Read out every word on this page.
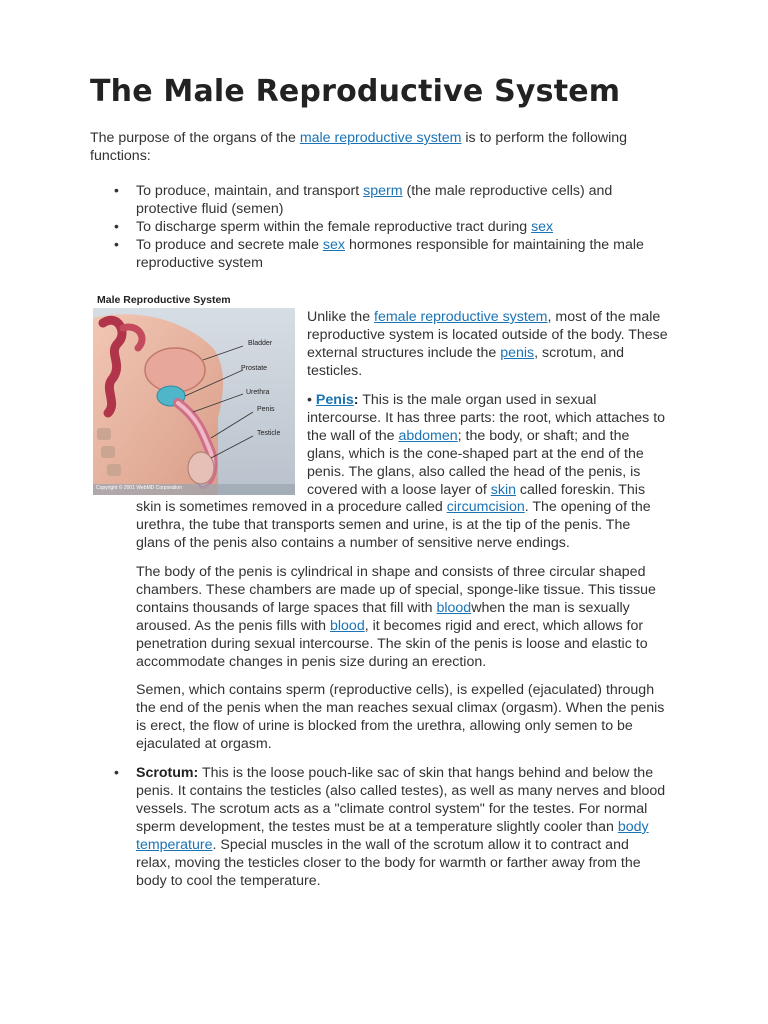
The Male Reproductive System

The purpose of the organs of the male reproductive system is to perform the following

functions:

• To produce, maintain, and transport sperm (the male reproductive cells) and

protective fluid (semen)

• To discharge sperm within the female reproductive tract during sex

• To produce and secrete male sex hormones responsible for maintaining the male

reproductive system

Male Reproductive System
Bladder
Prostate
Urethra
Penis
Testicle
Copyright © 2001 WebMD Corporation

Unlike the female reproductive system, most of the male

reproductive system is located outside of the body. These

external structures include the penis, scrotum, and

testicles.

• Penis: This is the male organ used in sexual

intercourse. It has three parts: the root, which attaches to

the wall of the abdomen; the body, or shaft; and the

glans, which is the cone-shaped part at the end of the

penis. The glans, also called the head of the penis, is

covered with a loose layer of skin called foreskin. This

skin is sometimes removed in a procedure called circumcision. The opening of the

urethra, the tube that transports semen and urine, is at the tip of the penis. The

glans of the penis also contains a number of sensitive nerve endings.

The body of the penis is cylindrical in shape and consists of three circular shaped

chambers. These chambers are made up of special, sponge-like tissue. This tissue

contains thousands of large spaces that fill with bloodwhen the man is sexually

aroused. As the penis fills with blood, it becomes rigid and erect, which allows for

penetration during sexual intercourse. The skin of the penis is loose and elastic to

accommodate changes in penis size during an erection.

Semen, which contains sperm (reproductive cells), is expelled (ejaculated) through

the end of the penis when the man reaches sexual climax (orgasm). When the penis

is erect, the flow of urine is blocked from the urethra, allowing only semen to be

ejaculated at orgasm.

• Scrotum: This is the loose pouch-like sac of skin that hangs behind and below the

penis. It contains the testicles (also called testes), as well as many nerves and blood

vessels. The scrotum acts as a "climate control system" for the testes. For normal

sperm development, the testes must be at a temperature slightly cooler than body

temperature. Special muscles in the wall of the scrotum allow it to contract and

relax, moving the testicles closer to the body for warmth or farther away from the

body to cool the temperature.
